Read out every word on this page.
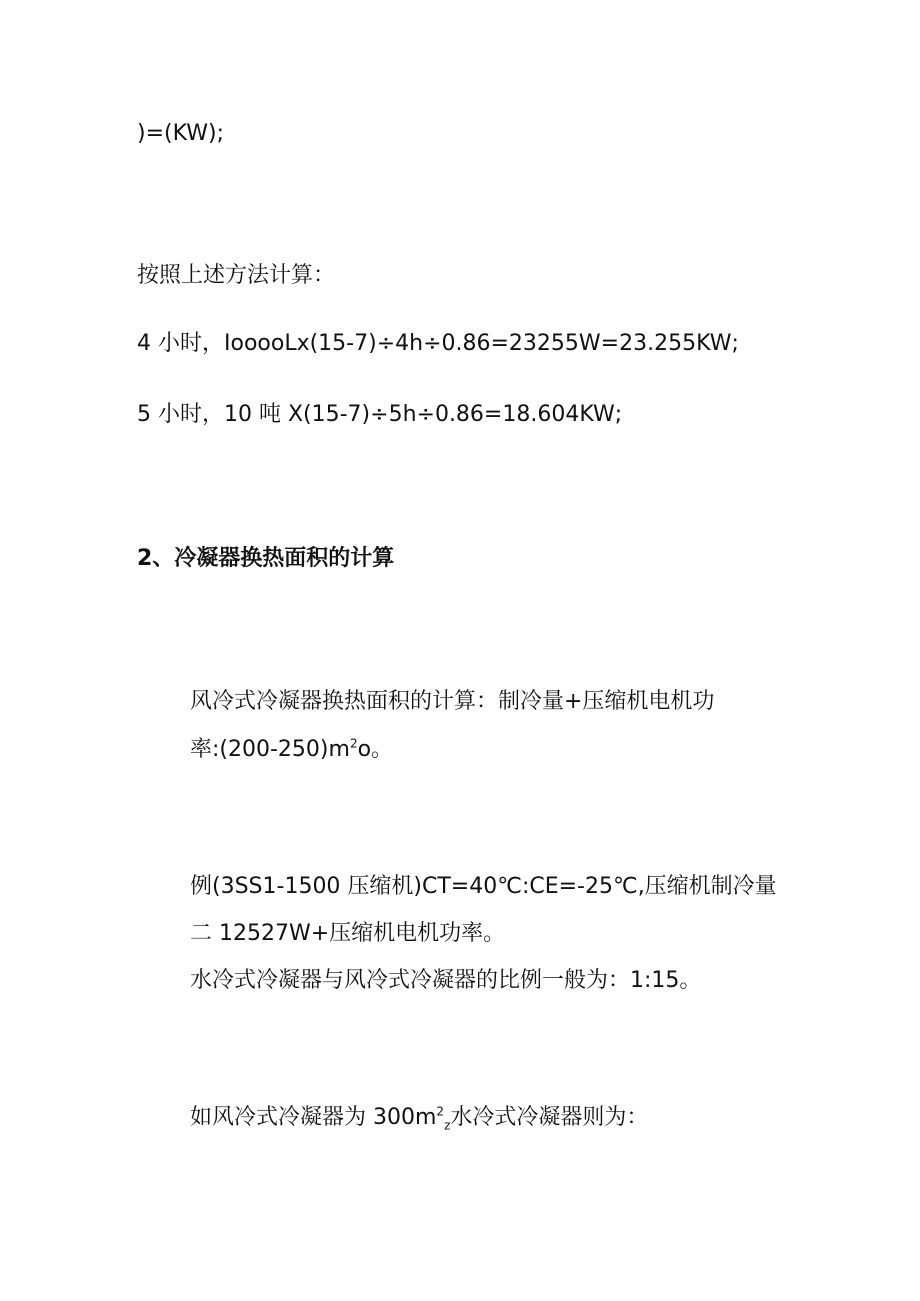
)=(KW);
按照上述方法计算：
4 小时，IooooLx(15-7)÷4h÷0.86=23255W=23.255KW;
5 小时，10 吨 X(15-7)÷5h÷0.86=18.604KW;
2、冷凝器换热面积的计算
风冷式冷凝器换热面积的计算：制冷量+压缩机电机功
率$:(200-250)m^2o$。
例(3SS1-1500 压缩机)CT=40℃:CE=-25℃,压缩机制冷量
二 12527W+压缩机电机功率。
水冷式冷凝器与风冷式冷凝器的比例一般为：1:15。
如风冷式冷凝器为 $300m^2_z$水冷式冷凝器则为：
